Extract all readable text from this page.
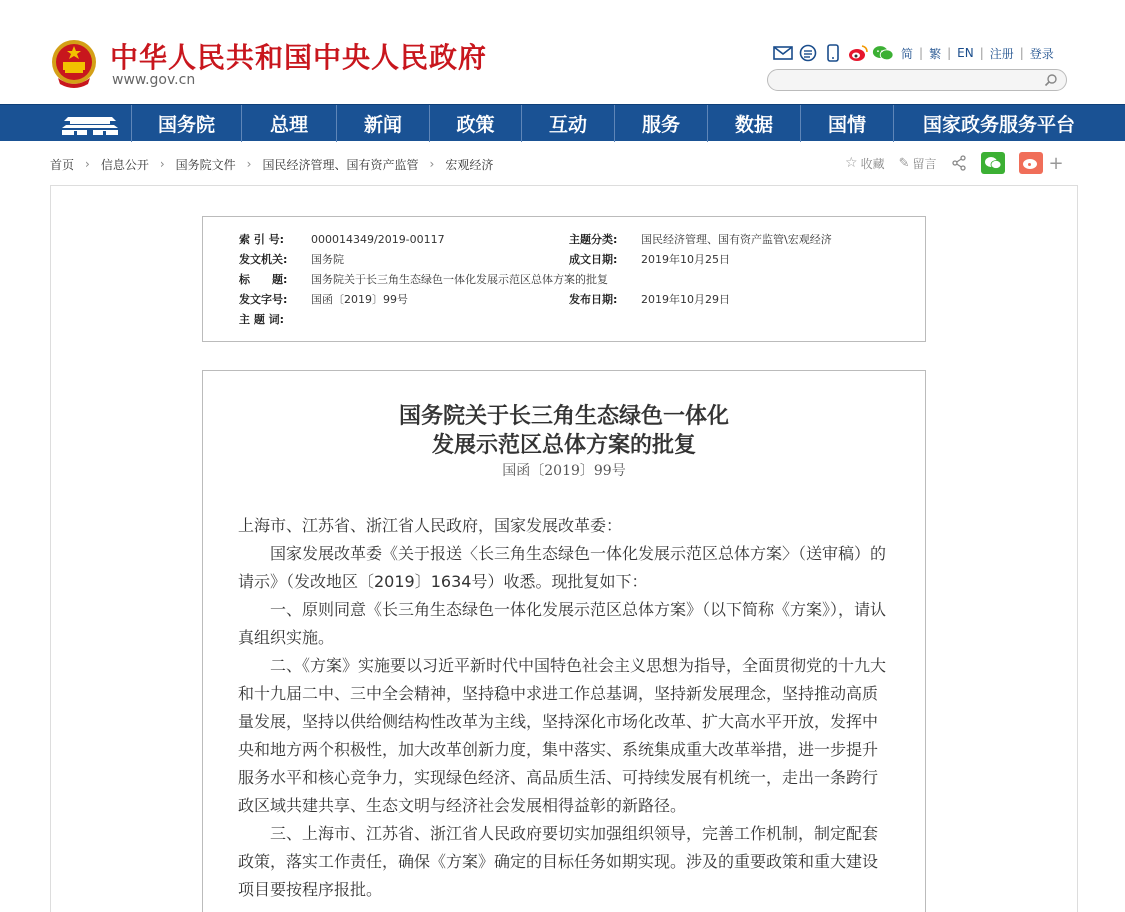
中华人民共和国中央人民政府
www.gov.cn
简 | 繁 | EN | 注册 | 登录
国务院	总理	新闻	政策	互动	服务	数据	国情	国家政务服务平台
首页 › 信息公开 › 国务院文件 › 国民经济管理、国有资产监管 › 宏观经济	☆ 收藏 ✎ 留言	+
索 引 号:	000014349/2019-00117	主题分类:	国民经济管理、国有资产监管\宏观经济
发文机关:	国务院	成文日期:	2019年10月25日
标　　题:	国务院关于长三角生态绿色一体化发展示范区总体方案的批复
发文字号:	国函〔2019〕99号	发布日期:	2019年10月29日
主 题 词:
国务院关于长三角生态绿色一体化
发展示范区总体方案的批复
国函〔2019〕99号

上海市、江苏省、浙江省人民政府，国家发展改革委：

国家发展改革委《关于报送〈长三角生态绿色一体化发展示范区总体方案〉（送审稿）的请示》（发改地区〔2019〕1634号）收悉。现批复如下：

一、原则同意《长三角生态绿色一体化发展示范区总体方案》（以下简称《方案》），请认真组织实施。

二、《方案》实施要以习近平新时代中国特色社会主义思想为指导，全面贯彻党的十九大和十九届二中、三中全会精神，坚持稳中求进工作总基调，坚持新发展理念，坚持推动高质量发展，坚持以供给侧结构性改革为主线，坚持深化市场化改革、扩大高水平开放，发挥中央和地方两个积极性，加大改革创新力度，集中落实、系统集成重大改革举措，进一步提升服务水平和核心竞争力，实现绿色经济、高品质生活、可持续发展有机统一，走出一条跨行政区域共建共享、生态文明与经济社会发展相得益彰的新路径。

三、上海市、江苏省、浙江省人民政府要切实加强组织领导，完善工作机制，制定配套政策，落实工作责任，确保《方案》确定的目标任务如期实现。涉及的重要政策和重大建设项目要按程序报批。
